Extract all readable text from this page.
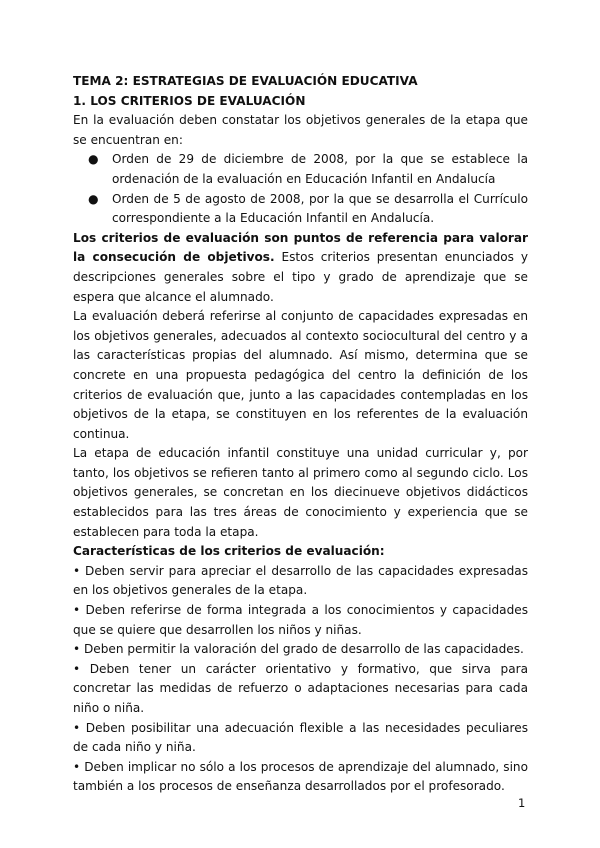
TEMA 2: ESTRATEGIAS DE EVALUACIÓN EDUCATIVA

1. LOS CRITERIOS DE EVALUACIÓN

En la evaluación deben constatar los objetivos generales de la etapa que se encuentran en:

● Orden de 29 de diciembre de 2008, por la que se establece la ordenación de la evaluación en Educación Infantil en Andalucía
● Orden de 5 de agosto de 2008, por la que se desarrolla el Currículo correspondiente a la Educación Infantil en Andalucía.

Los criterios de evaluación son puntos de referencia para valorar la consecución de objetivos. Estos criterios presentan enunciados y descripciones generales sobre el tipo y grado de aprendizaje que se espera que alcance el alumnado.

La evaluación deberá referirse al conjunto de capacidades expresadas en los objetivos generales, adecuados al contexto sociocultural del centro y a las características propias del alumnado. Así mismo, determina que se concrete en una propuesta pedagógica del centro la definición de los criterios de evaluación que, junto a las capacidades contempladas en los objetivos de la etapa, se constituyen en los referentes de la evaluación continua.

La etapa de educación infantil constituye una unidad curricular y, por tanto, los objetivos se refieren tanto al primero como al segundo ciclo. Los objetivos generales, se concretan en los diecinueve objetivos didácticos establecidos para las tres áreas de conocimiento y experiencia que se establecen para toda la etapa.

Características de los criterios de evaluación:

• Deben servir para apreciar el desarrollo de las capacidades expresadas en los objetivos generales de la etapa.

• Deben referirse de forma integrada a los conocimientos y capacidades que se quiere que desarrollen los niños y niñas.

• Deben permitir la valoración del grado de desarrollo de las capacidades.

• Deben tener un carácter orientativo y formativo, que sirva para concretar las medidas de refuerzo o adaptaciones necesarias para cada niño o niña.

• Deben posibilitar una adecuación flexible a las necesidades peculiares de cada niño y niña.

• Deben implicar no sólo a los procesos de aprendizaje del alumnado, sino también a los procesos de enseñanza desarrollados por el profesorado.

1
